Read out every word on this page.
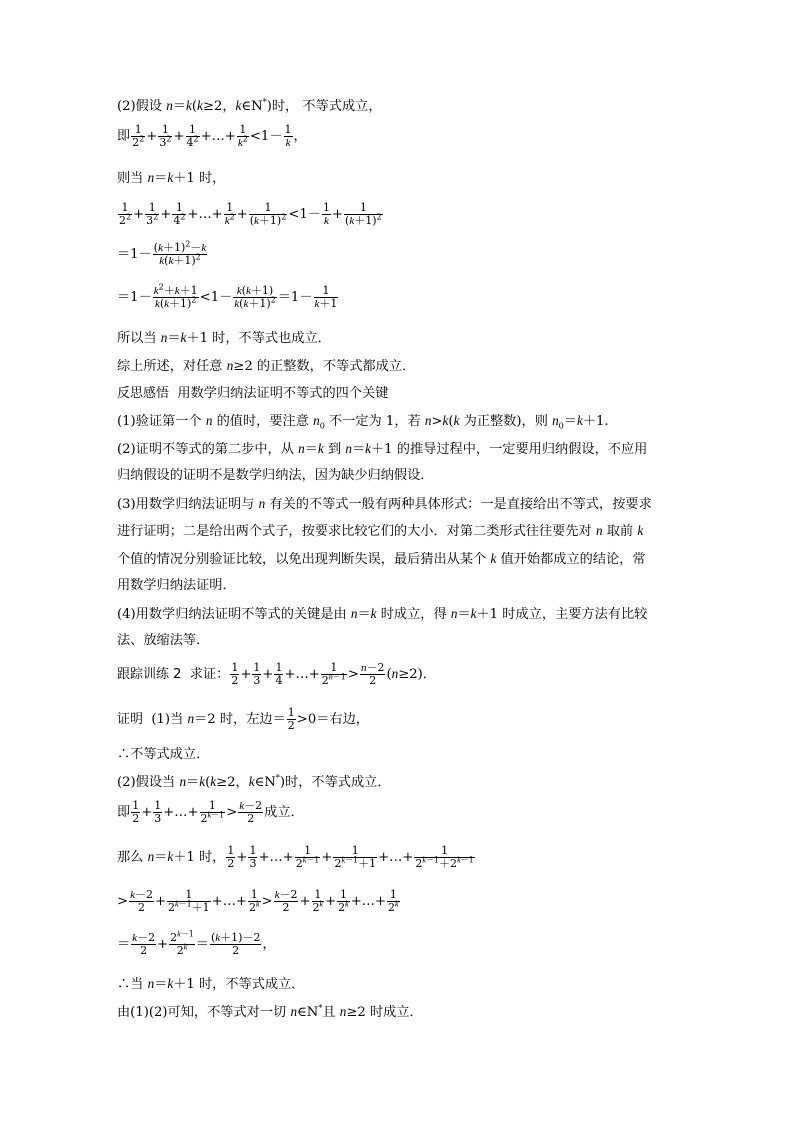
(2)假设 n＝k(k≥2，k∈N*)时， 不等式成立，
即 $\frac{1}{2^2} + \frac{1}{3^2} + \frac{1}{4^2}$ +…+ $\frac{1}{k^2} <1- \frac{1}{k}$ ，
则当 n＝k＋1 时，
$\frac{1}{2^2} + \frac{1}{3^2} + \frac{1}{4^2}$ +…+ $\frac{1}{k^2} + \frac{1}{(k+1)^2} <1- \frac{1}{k} + \frac{1}{(k+1)^2}$
$=1- \frac{(k+1)^2-k}{k(k+1)^2}$
$=1- \frac{k^2+k+1}{k(k+1)^2} <1- \frac{k(k+1)}{k(k+1)^2} =1- \frac{1}{k+1}$
所以当 n＝k＋1 时，不等式也成立．
综上所述，对任意 n≥2 的正整数，不等式都成立．
反思感悟  用数学归纳法证明不等式的四个关键
(1)验证第一个 n 的值时，要注意 $n_0$ 不一定为 1，若 n>k(k 为正整数)，则 $n_0=k+1$.
(2)证明不等式的第二步中，从 n＝k 到 n＝k＋1 的推导过程中，一定要用归纳假设，不应用
归纳假设的证明不是数学归纳法，因为缺少归纳假设．
(3)用数学归纳法证明与 n 有关的不等式一般有两种具体形式：一是直接给出不等式，按要求
进行证明；二是给出两个式子，按要求比较它们的大小．对第二类形式往往要先对 n 取前 k
个值的情况分别验证比较，以免出现判断失误，最后猜出从某个 k 值开始都成立的结论，常
用数学归纳法证明．
(4)用数学归纳法证明不等式的关键是由 n＝k 时成立，得 n＝k＋1 时成立，主要方法有比较
法、放缩法等．
跟踪训练 2  求证： $\frac{1}{2} + \frac{1}{3} + \frac{1}{4}$ +…+ $\frac{1}{2^{n-1}} > \frac{n-2}{2} (n\ge 2)$．
证明  (1)当 n＝2 时，左边＝ $\frac{1}{2} >0=$右边，
∴不等式成立．
(2)假设当 n＝k(k≥2，k∈N*)时，不等式成立．
即 $\frac{1}{2} + \frac{1}{3}$ +…+ $\frac{1}{2^{k-1}} > \frac{k-2}{2}$ 成立．
那么 n＝k＋1 时， $\frac{1}{2} + \frac{1}{3}$ +…+ $\frac{1}{2^{k-1}} + \frac{1}{2^{k-1}+1}$ +…+ $\frac{1}{2^{k-1}+2^{k-1}}$
> $\frac{k-2}{2} + \frac{1}{2^{k-1}+1}$ +…+ $\frac{1}{2^k} > \frac{k-2}{2} + \frac{1}{2^k} + \frac{1}{2^k}$ +…+ $\frac{1}{2^k}$
＝ $\frac{k-2}{2} + \frac{2^{k-1}}{2^k} = \frac{(k+1)-2}{2}$ ，
∴当 n＝k＋1 时，不等式成立．
由(1)(2)可知，不等式对一切 n∈N*且 n≥2 时成立．
